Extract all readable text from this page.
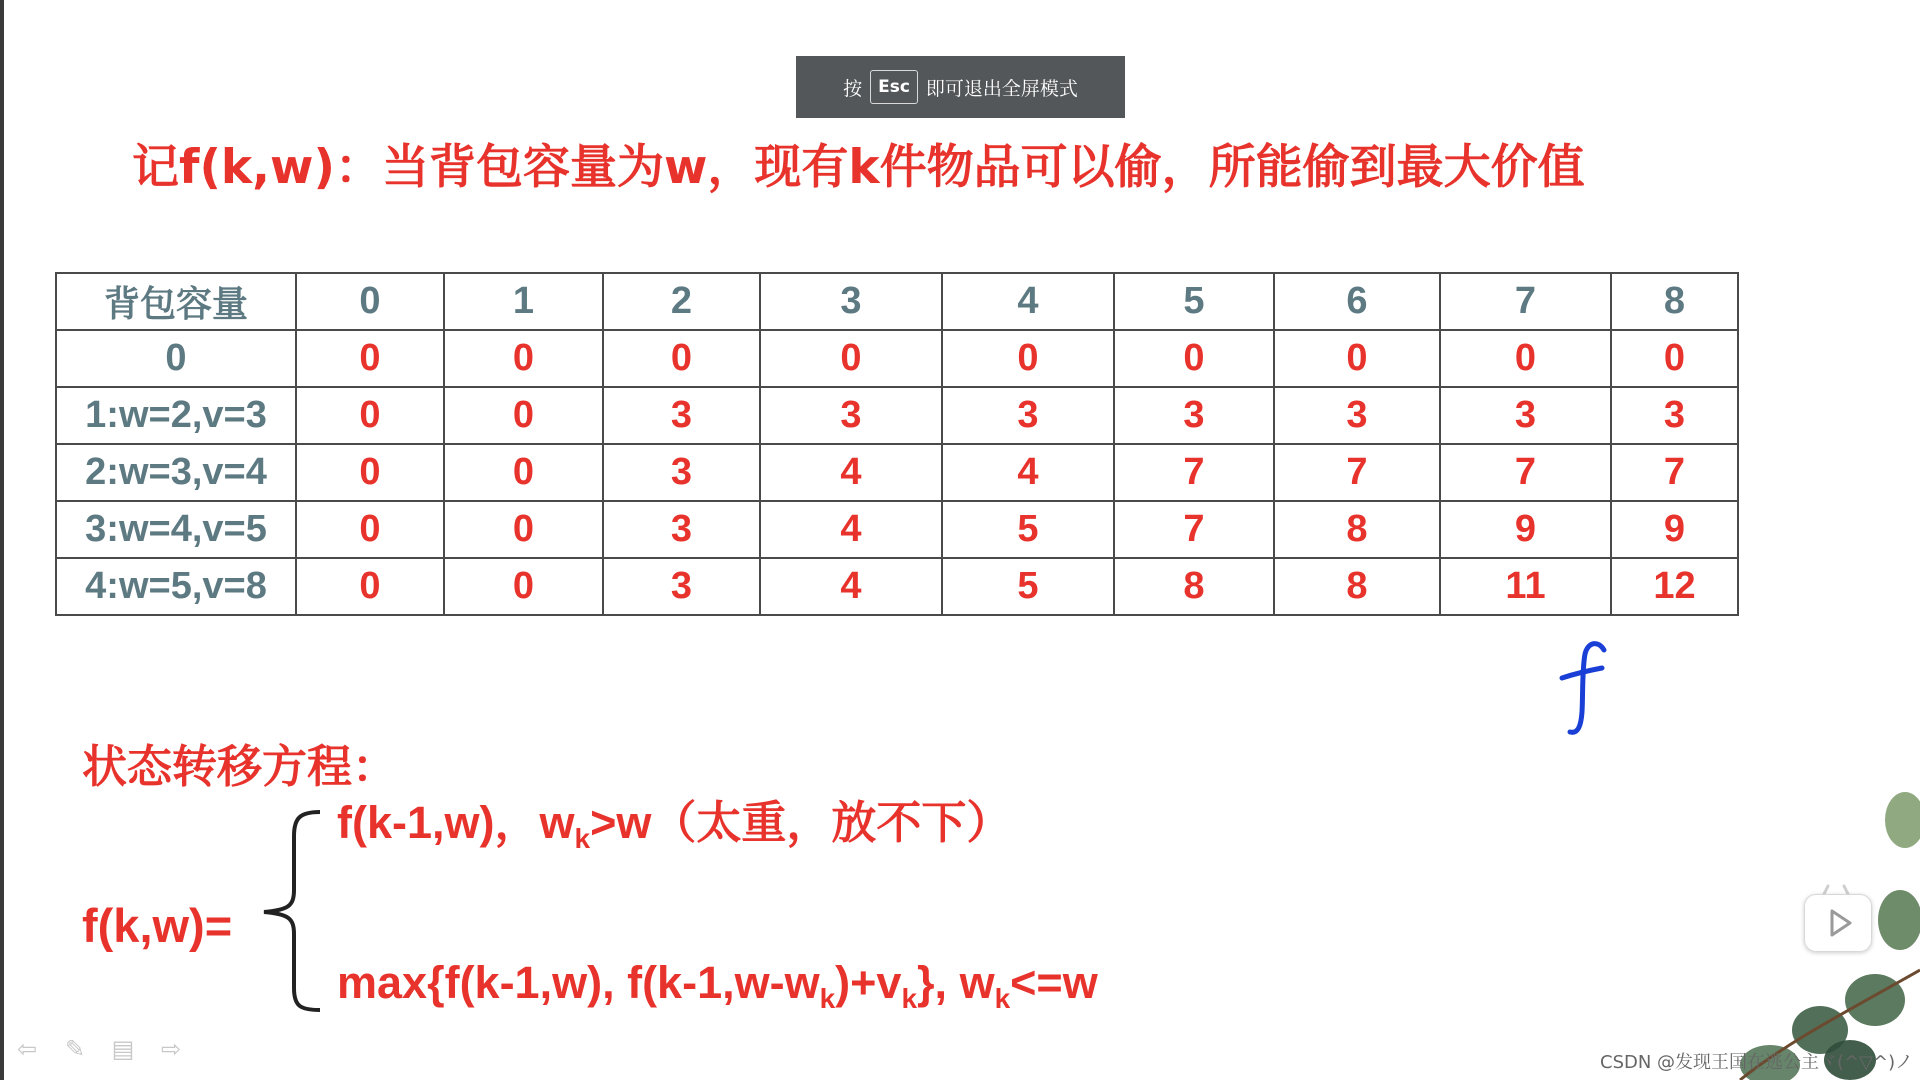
按 Esc 即可退出全屏模式
记f(k,w)：当背包容量为w，现有k件物品可以偷，所能偷到最大价值
背包容量	0	1	2	3	4	5	6	7	8
0	0	0	0	0	0	0	0	0	0
1:w=2,v=3	0	0	3	3	3	3	3	3	3
2:w=3,v=4	0	0	3	4	4	7	7	7	7
3:w=4,v=5	0	0	3	4	5	7	8	9	9
4:w=5,v=8	0	0	3	4	5	8	8	11	12
状态转移方程：
f(k,w)=
f(k-1,w)，$w_k>w$（太重，放不下）
max{f(k-1,w), $f(k-1,w-w_k)+v_k$}, $w_k<=w$
⇦ ✎ ▤ ⇨	CSDN @发现王国在逃公主ヾ(^▽^)ノ
